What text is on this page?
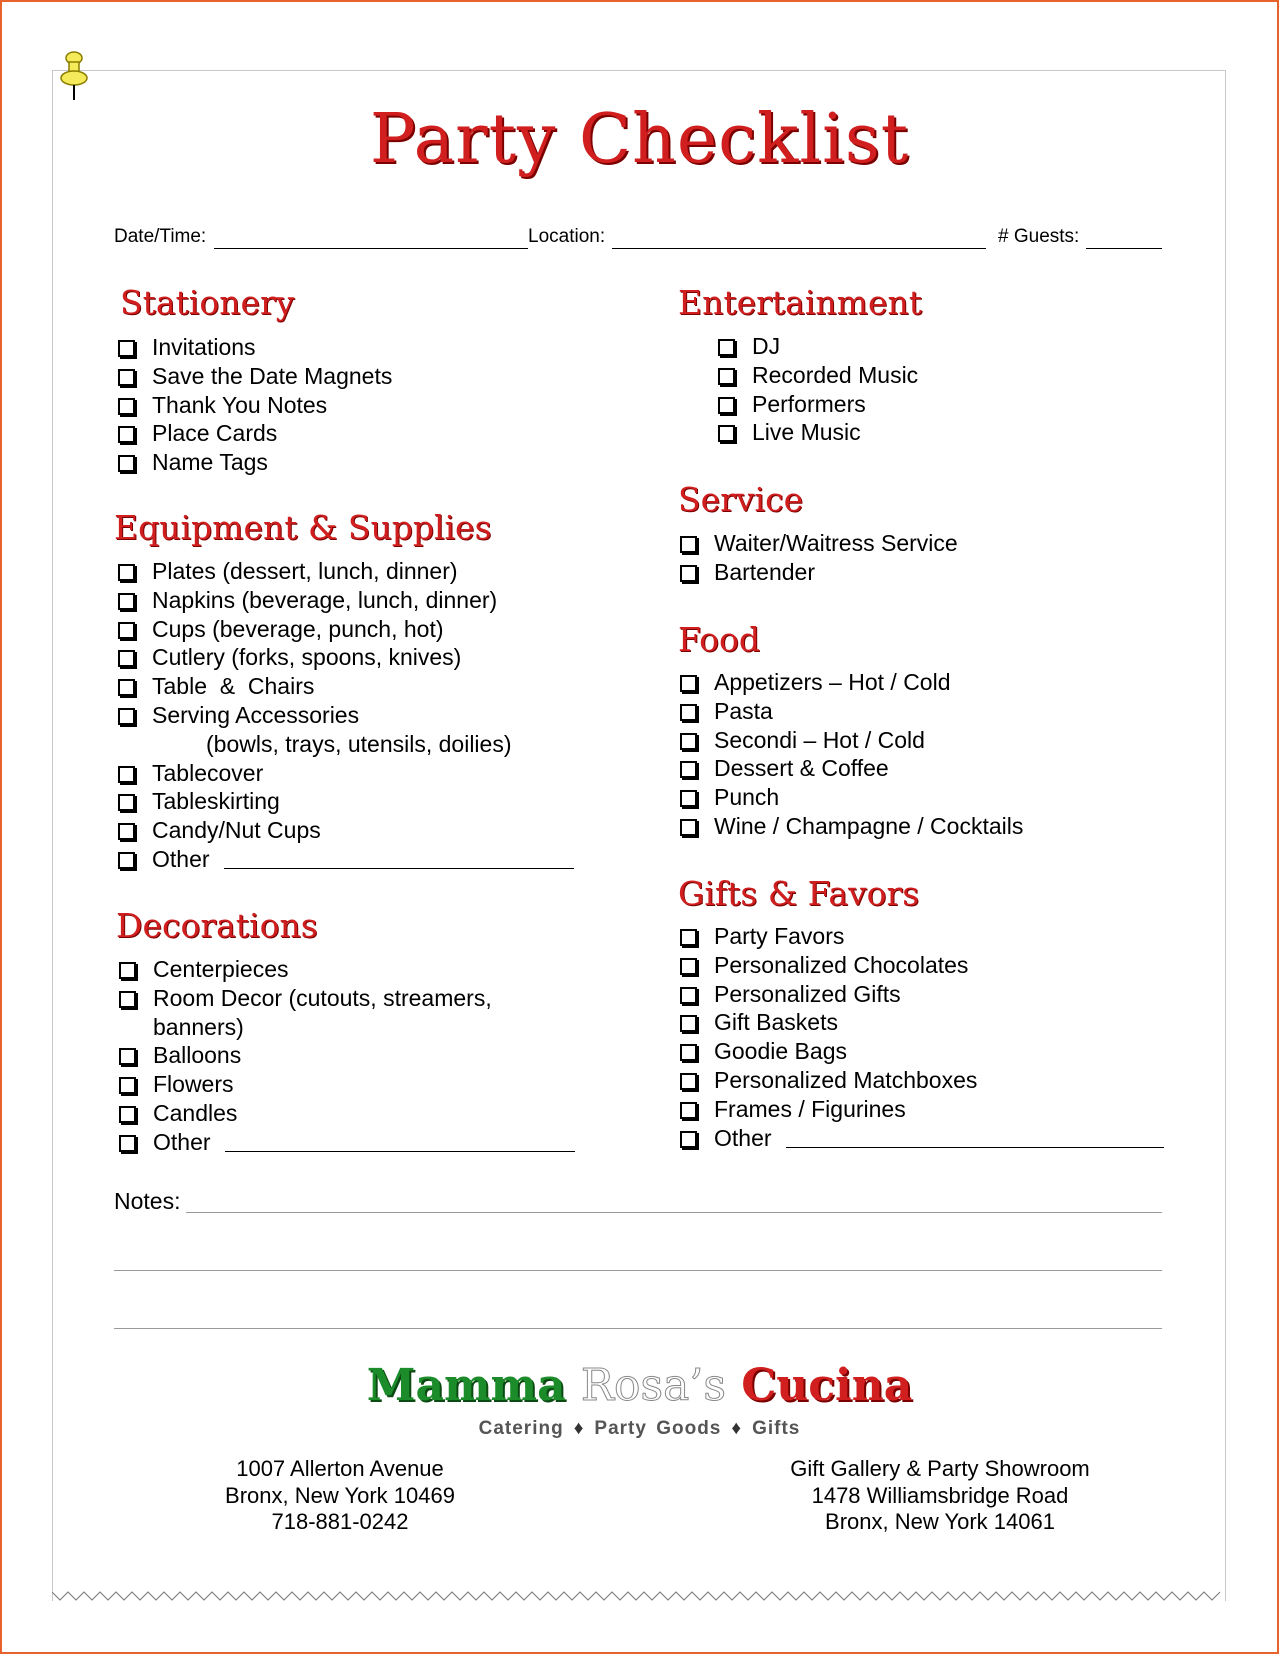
Party Checklist
Date/Time:	Location:	# Guests:
Stationery
Invitations
Save the Date Magnets
Thank You Notes
Place Cards
Name Tags
Equipment & Supplies
Plates (dessert, lunch, dinner)
Napkins (beverage, lunch, dinner)
Cups (beverage, punch, hot)
Cutlery (forks, spoons, knives)
Table  &  Chairs
Serving Accessories
(bowls, trays, utensils, doilies)
Tablecover
Tableskirting
Candy/Nut Cups
Other
Decorations
Centerpieces
Room Decor (cutouts, streamers,
banners)
Balloons
Flowers
Candles
Other
Entertainment
DJ
Recorded Music
Performers
Live Music
Service
Waiter/Waitress Service
Bartender
Food
Appetizers – Hot / Cold
Pasta
Secondi – Hot / Cold
Dessert & Coffee
Punch
Wine / Champagne / Cocktails
Gifts & Favors
Party Favors
Personalized Chocolates
Personalized Gifts
Gift Baskets
Goodie Bags
Personalized Matchboxes
Frames / Figurines
Other
Notes:
Mamma Rosa’s Cucina
Catering ♦ Party Goods ♦ Gifts
1007 Allerton Avenue
Bronx, New York 10469
718-881-0242
Gift Gallery & Party Showroom
1478 Williamsbridge Road
Bronx, New York 14061
